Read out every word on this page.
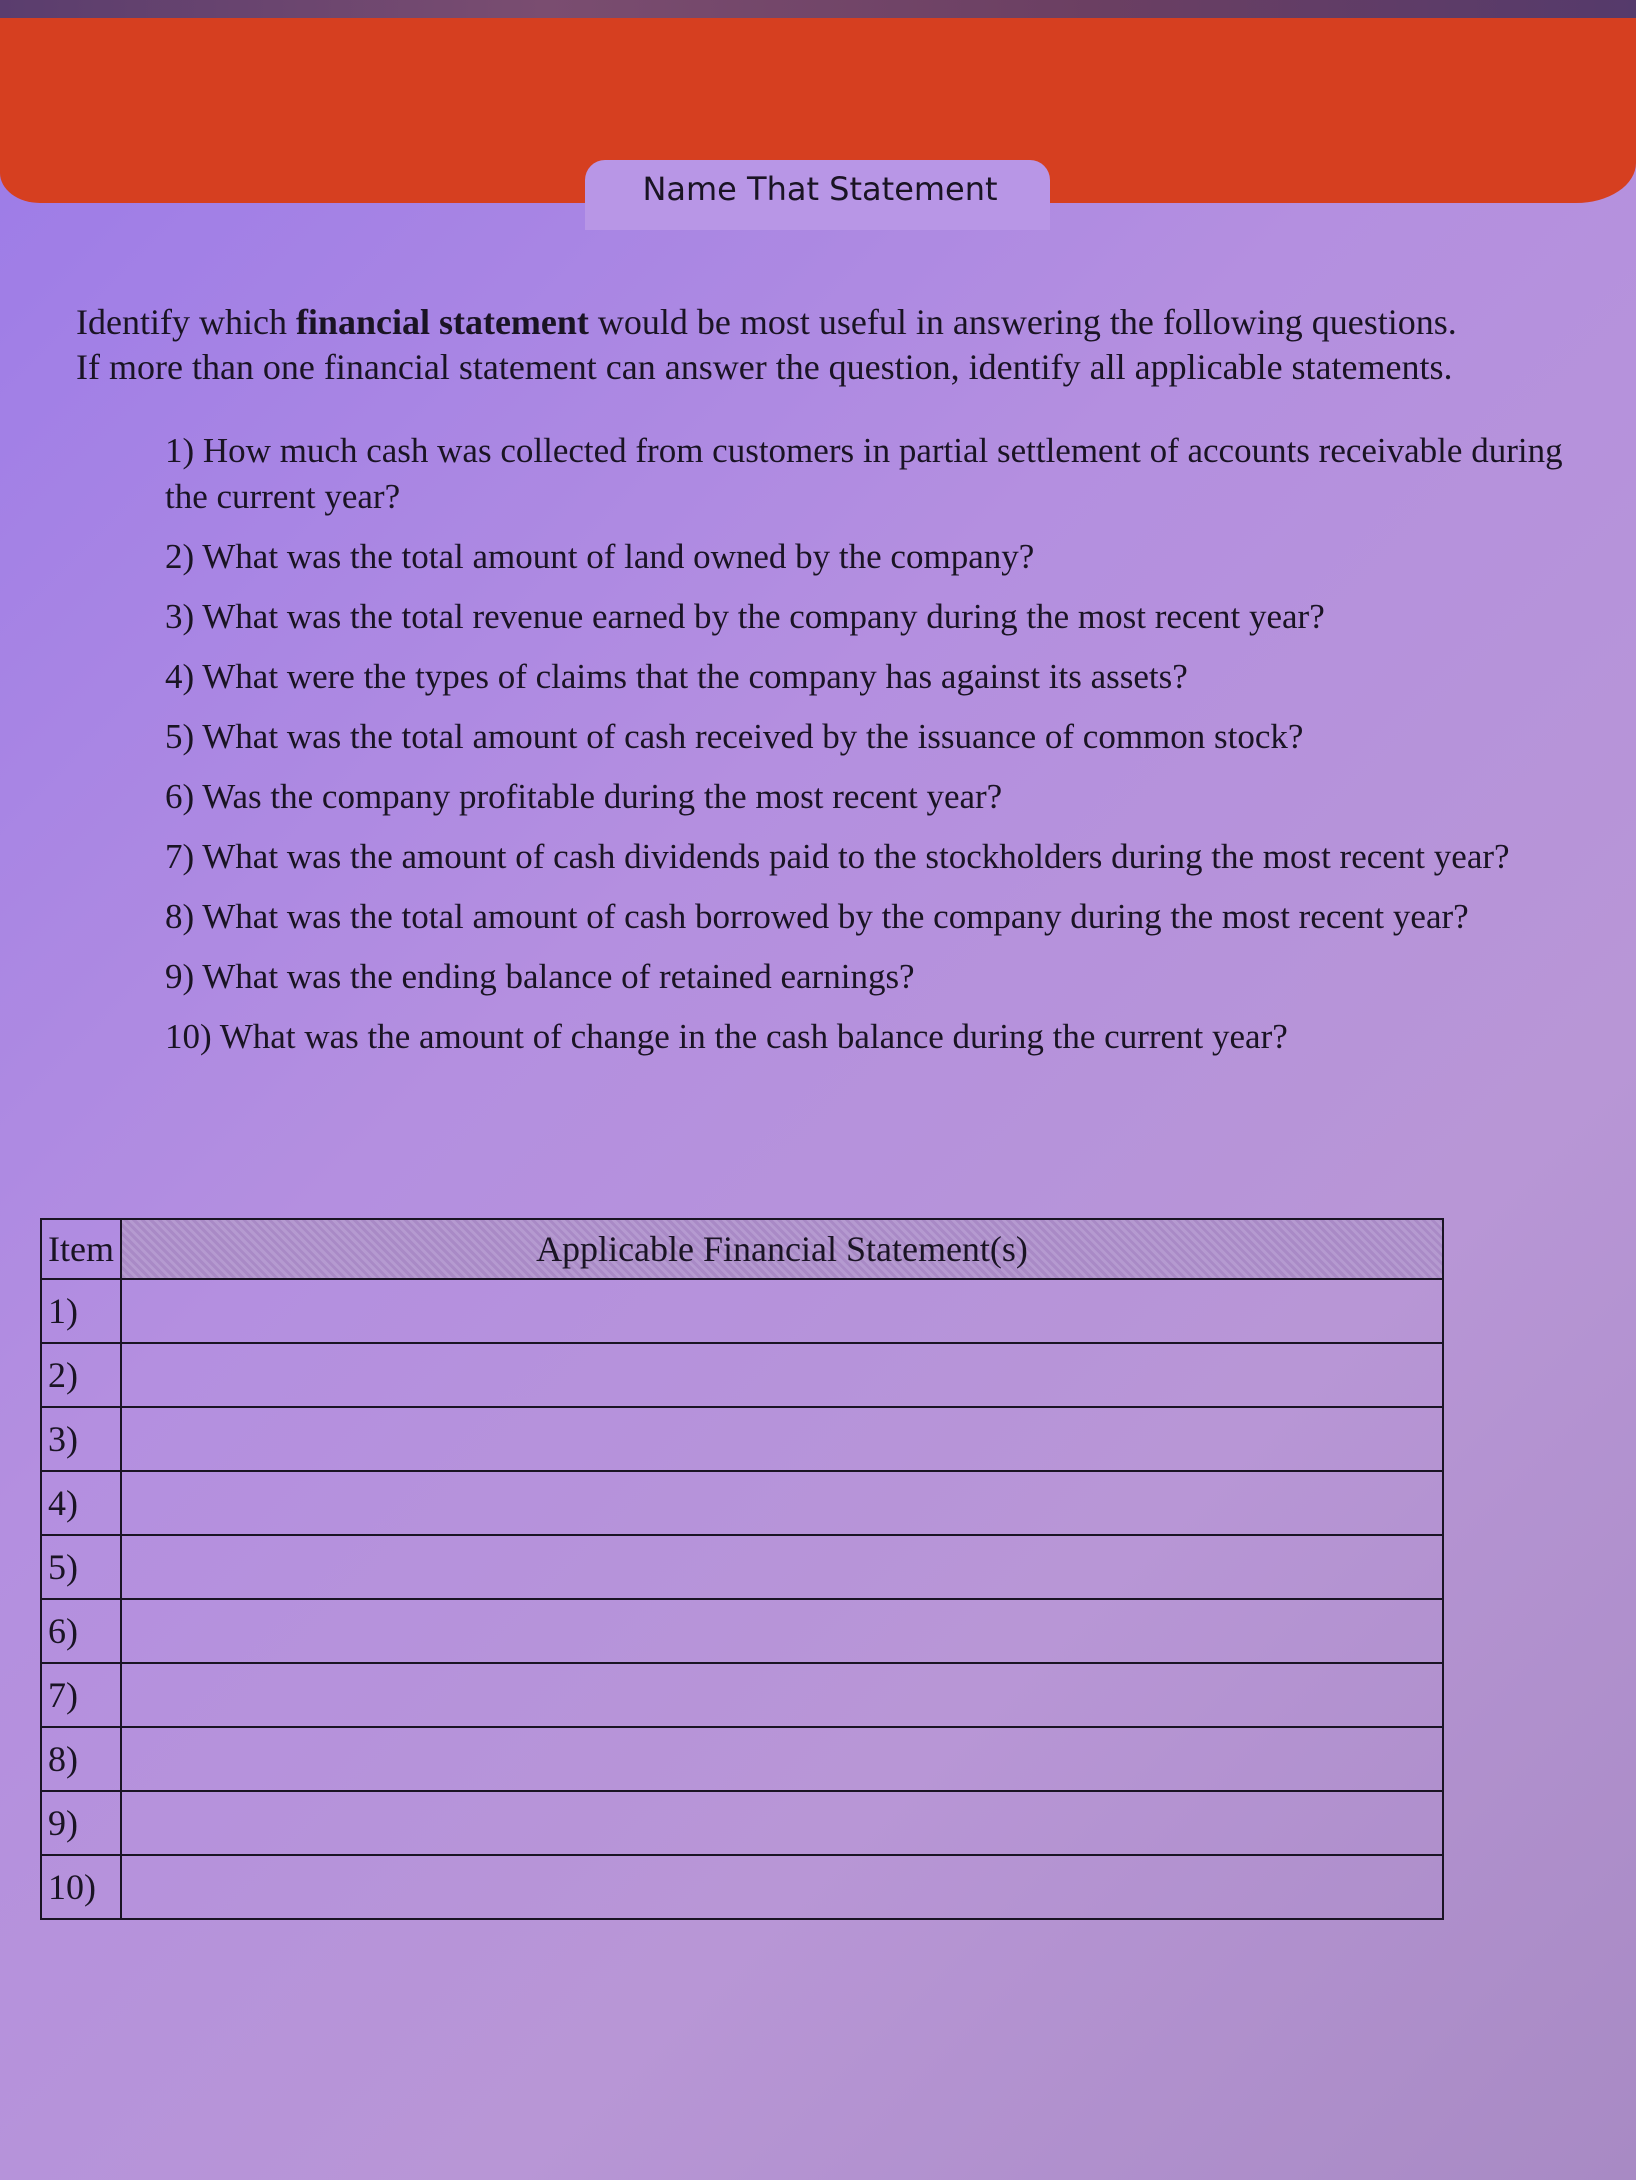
Name That Statement
Identify which financial statement would be most useful in answering the following questions.
If more than one financial statement can answer the question, identify all applicable statements.
1) How much cash was collected from customers in partial settlement of accounts receivable during the current year?
2) What was the total amount of land owned by the company?
3) What was the total revenue earned by the company during the most recent year?
4) What were the types of claims that the company has against its assets?
5) What was the total amount of cash received by the issuance of common stock?
6) Was the company profitable during the most recent year?
7) What was the amount of cash dividends paid to the stockholders during the most recent year?
8) What was the total amount of cash borrowed by the company during the most recent year?
9) What was the ending balance of retained earnings?
10) What was the amount of change in the cash balance during the current year?
Item	Applicable Financial Statement(s)
1)	
2)	
3)	
4)	
5)	
6)	
7)	
8)	
9)	
10)	
